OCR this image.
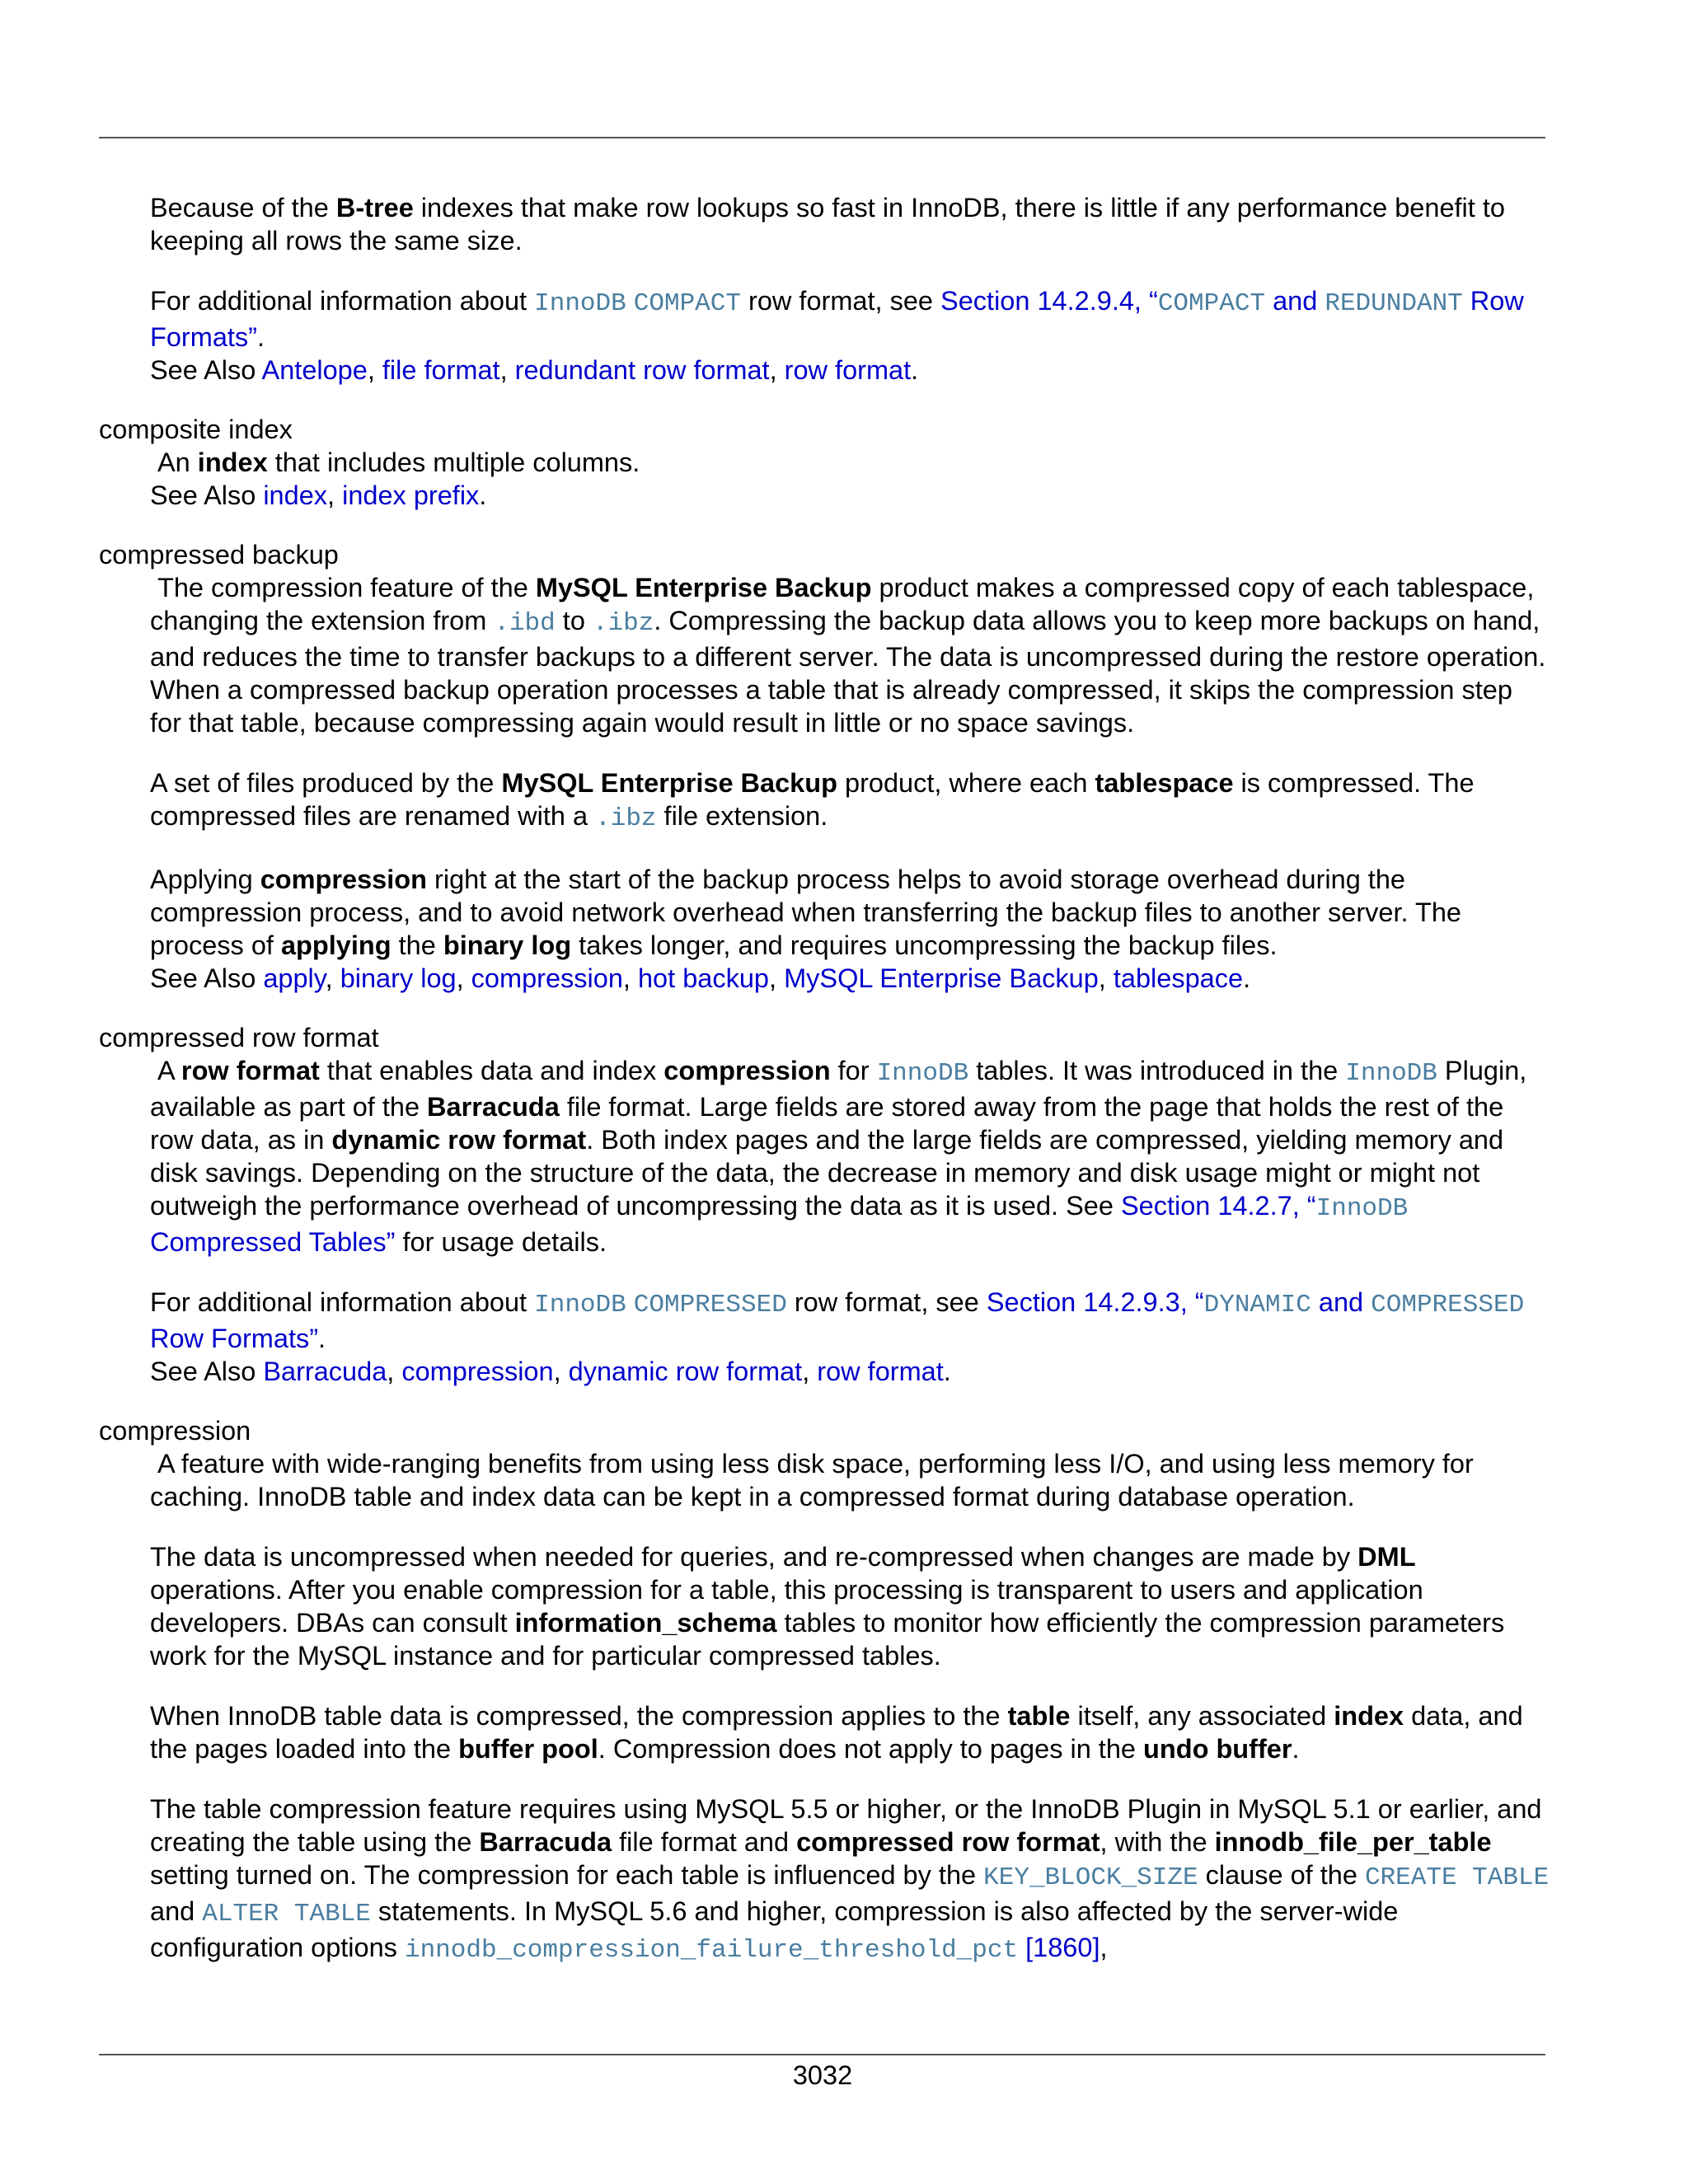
Because of the B-tree indexes that make row lookups so fast in InnoDB, there is little if any performance benefit to keeping all rows the same size.

For additional information about InnoDB COMPACT row format, see Section 14.2.9.4, “COMPACT and REDUNDANT Row Formats”.
See Also Antelope, file format, redundant row format, row format.

composite index

An index that includes multiple columns.
See Also index, index prefix.

compressed backup

The compression feature of the MySQL Enterprise Backup product makes a compressed copy of each tablespace, changing the extension from .ibd to .ibz. Compressing the backup data allows you to keep more backups on hand, and reduces the time to transfer backups to a different server. The data is uncompressed during the restore operation. When a compressed backup operation processes a table that is already compressed, it skips the compression step for that table, because compressing again would result in little or no space savings.

A set of files produced by the MySQL Enterprise Backup product, where each tablespace is compressed. The compressed files are renamed with a .ibz file extension.

Applying compression right at the start of the backup process helps to avoid storage overhead during the compression process, and to avoid network overhead when transferring the backup files to another server. The process of applying the binary log takes longer, and requires uncompressing the backup files.
See Also apply, binary log, compression, hot backup, MySQL Enterprise Backup, tablespace.

compressed row format

A row format that enables data and index compression for InnoDB tables. It was introduced in the InnoDB Plugin, available as part of the Barracuda file format. Large fields are stored away from the page that holds the rest of the row data, as in dynamic row format. Both index pages and the large fields are compressed, yielding memory and disk savings. Depending on the structure of the data, the decrease in memory and disk usage might or might not outweigh the performance overhead of uncompressing the data as it is used. See Section 14.2.7, “InnoDB Compressed Tables” for usage details.

For additional information about InnoDB COMPRESSED row format, see Section 14.2.9.3, “DYNAMIC and COMPRESSED Row Formats”.
See Also Barracuda, compression, dynamic row format, row format.

compression

A feature with wide-ranging benefits from using less disk space, performing less I/O, and using less memory for caching. InnoDB table and index data can be kept in a compressed format during database operation.

The data is uncompressed when needed for queries, and re-compressed when changes are made by DML operations. After you enable compression for a table, this processing is transparent to users and application developers. DBAs can consult information_schema tables to monitor how efficiently the compression parameters work for the MySQL instance and for particular compressed tables.

When InnoDB table data is compressed, the compression applies to the table itself, any associated index data, and the pages loaded into the buffer pool. Compression does not apply to pages in the undo buffer.

The table compression feature requires using MySQL 5.5 or higher, or the InnoDB Plugin in MySQL 5.1 or earlier, and creating the table using the Barracuda file format and compressed row format, with the innodb_file_per_table setting turned on. The compression for each table is influenced by the KEY_BLOCK_SIZE clause of the CREATE TABLE and ALTER TABLE statements. In MySQL 5.6 and higher, compression is also affected by the server-wide configuration options innodb_compression_failure_threshold_pct [1860],

3032
